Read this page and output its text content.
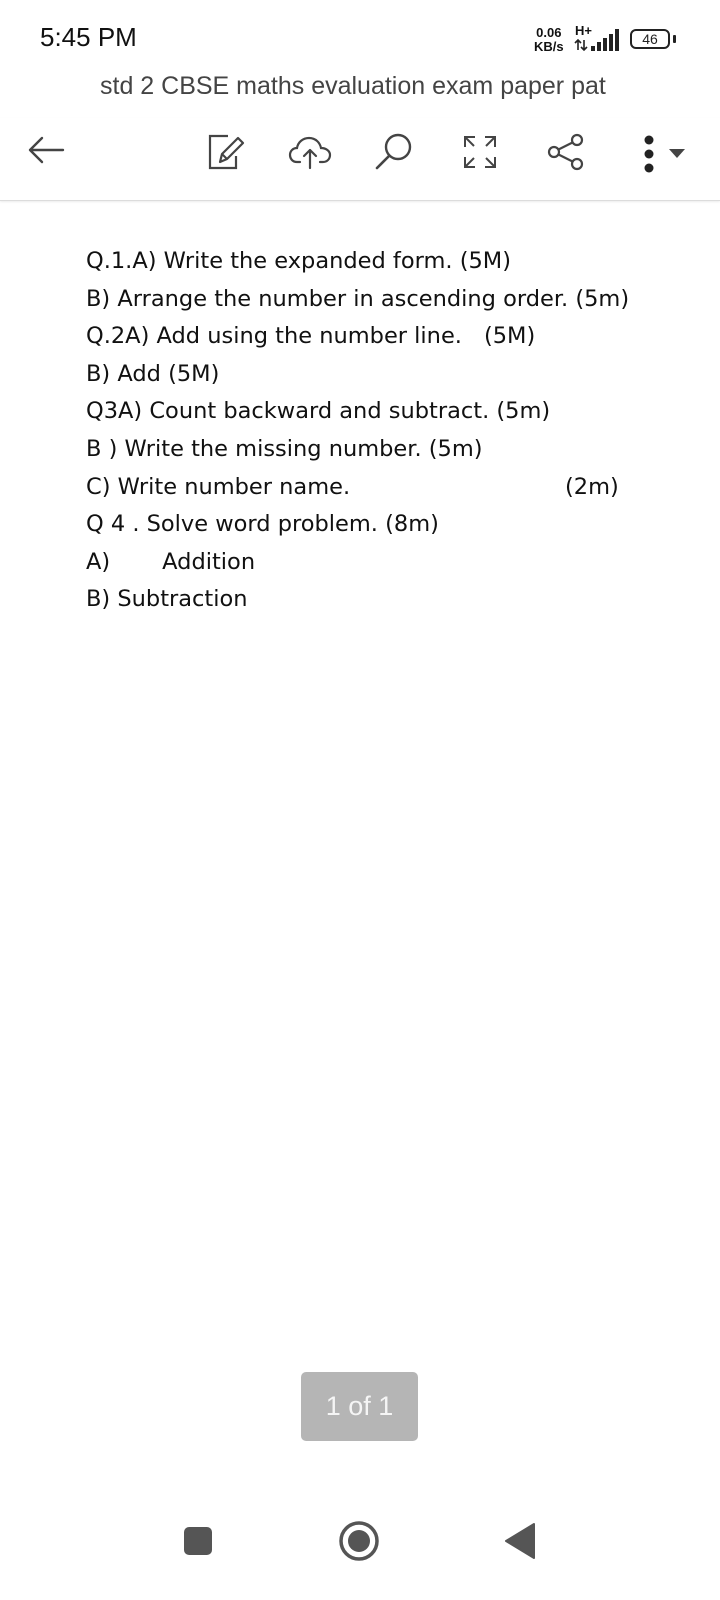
5:45 PM	0.06
KB/s
H+
46
std 2 CBSE maths evaluation exam paper pat
Q.1.A) Write the expanded form. (5M)
B) Arrange the number in ascending order. (5m)
Q.2A) Add using the number line. (5M)
B) Add (5M)
Q3A) Count backward and subtract. (5m)
B ) Write the missing number. (5m)
C) Write number name.	(2m)
Q 4 . Solve word problem. (8m)
A) Addition
B) Subtraction
1 of 1
